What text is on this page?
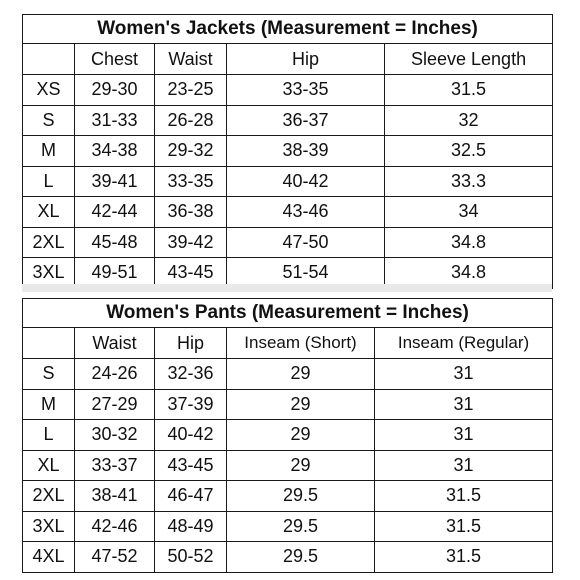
Women's Jackets (Measurement = Inches)				
	Chest	Waist	Hip	Sleeve Length
XS	29-30	23-25	33-35	31.5
S	31-33	26-28	36-37	32
M	34-38	29-32	38-39	32.5
L	39-41	33-35	40-42	33.3
XL	42-44	36-38	43-46	34
2XL	45-48	39-42	47-50	34.8
3XL	49-51	43-45	51-54	34.8
Women's Pants (Measurement = Inches)				
	Waist	Hip	Inseam (Short)	Inseam (Regular)
S	24-26	32-36	29	31
M	27-29	37-39	29	31
L	30-32	40-42	29	31
XL	33-37	43-45	29	31
2XL	38-41	46-47	29.5	31.5
3XL	42-46	48-49	29.5	31.5
4XL	47-52	50-52	29.5	31.5
